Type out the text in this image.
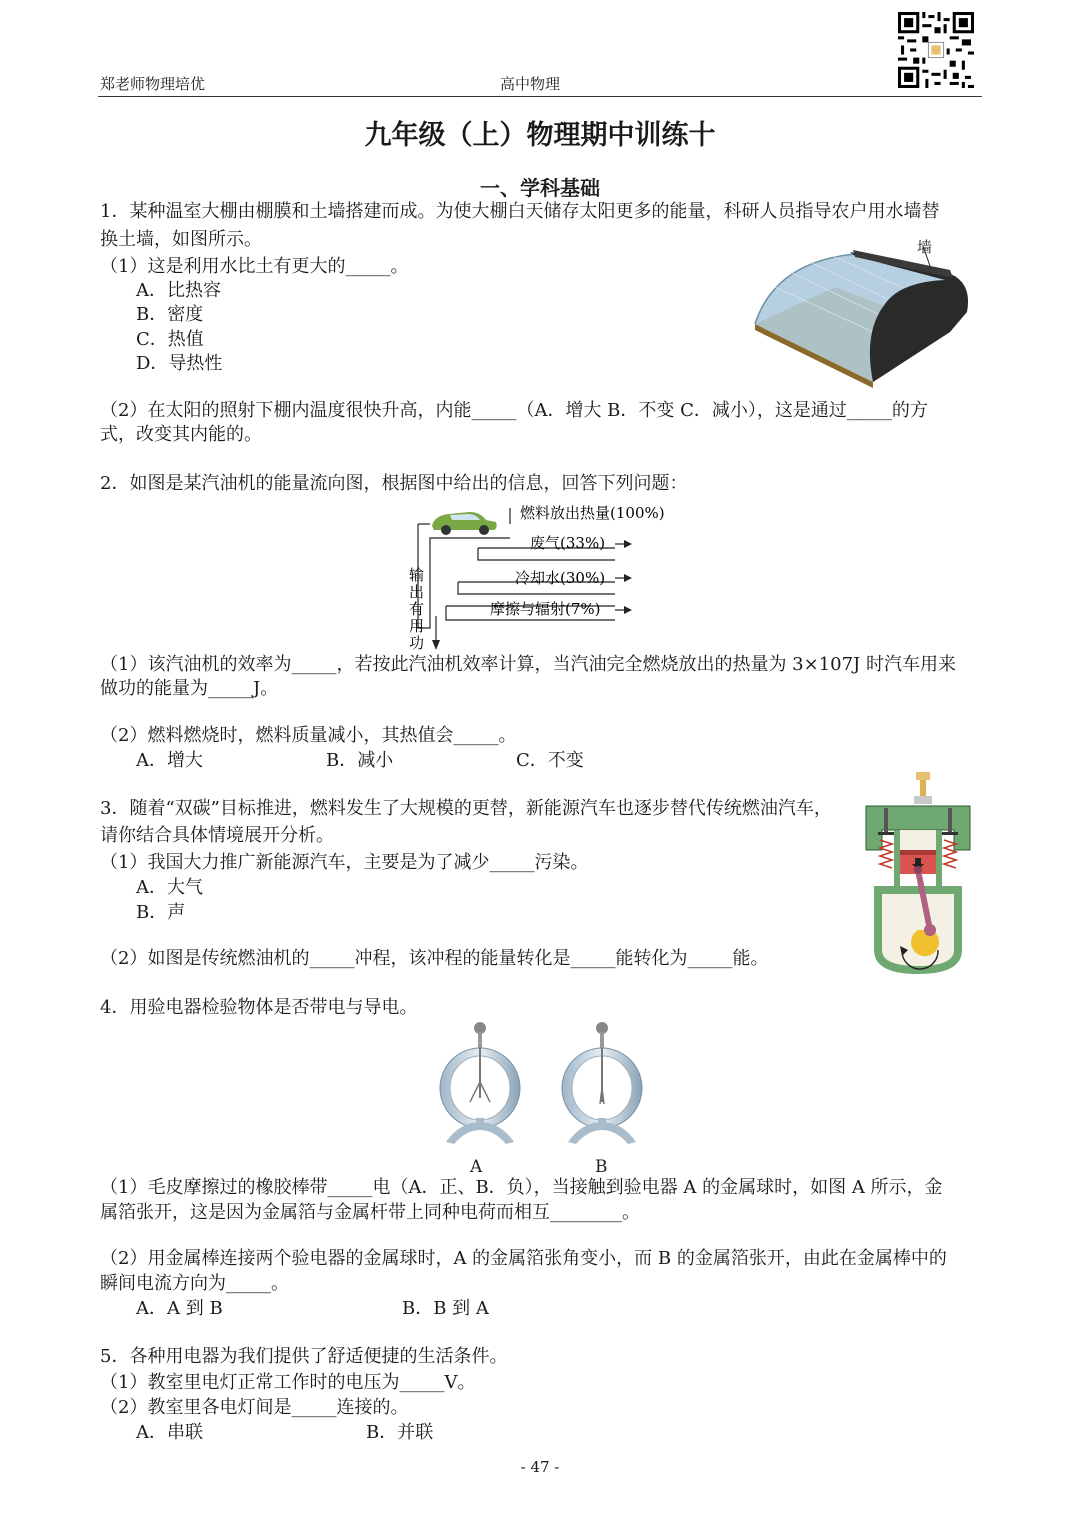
郑老师物理培优	高中物理
九年级（上）物理期中训练十
一、学科基础
1．某种温室大棚由棚膜和土墙搭建而成。为使大棚白天储存太阳更多的能量，科研人员指导农户用水墙替
换土墙，如图所示。
（1）这是利用水比土有更大的_____。
A．比热容
B．密度
C．热值
D．导热性
墙
（2）在太阳的照射下棚内温度很快升高，内能_____（A．增大 B．不变 C．减小），这是通过_____的方
式，改变其内能的。
2．如图是某汽油机的能量流向图，根据图中给出的信息，回答下列问题：
燃料放出热量(100%)
废气(33%)
冷却水(30%)
摩擦与辐射(7%)
输
出
有
用
功
（1）该汽油机的效率为_____，若按此汽油机效率计算，当汽油完全燃烧放出的热量为 3×107J 时汽车用来
做功的能量为_____J。
（2）燃料燃烧时，燃料质量减小，其热值会_____。
A．增大	B．减小	C．不变
3．随着“双碳”目标推进，燃料发生了大规模的更替，新能源汽车也逐步替代传统燃油汽车，
请你结合具体情境展开分析。
（1）我国大力推广新能源汽车，主要是为了减少_____污染。
A．大气
B．声
（2）如图是传统燃油机的_____冲程，该冲程的能量转化是_____能转化为_____能。
4．用验电器检验物体是否带电与导电。
A	B
（1）毛皮摩擦过的橡胶棒带_____电（A．正、B．负），当接触到验电器 A 的金属球时，如图 A 所示，金
属箔张开，这是因为金属箔与金属杆带上同种电荷而相互________。
（2）用金属棒连接两个验电器的金属球时，A 的金属箔张角变小，而 B 的金属箔张开，由此在金属棒中的
瞬间电流方向为_____。
A．A 到 B	B．B 到 A
5．各种用电器为我们提供了舒适便捷的生活条件。
（1）教室里电灯正常工作时的电压为_____V。
（2）教室里各电灯间是_____连接的。
A．串联	B．并联
- 47 -
